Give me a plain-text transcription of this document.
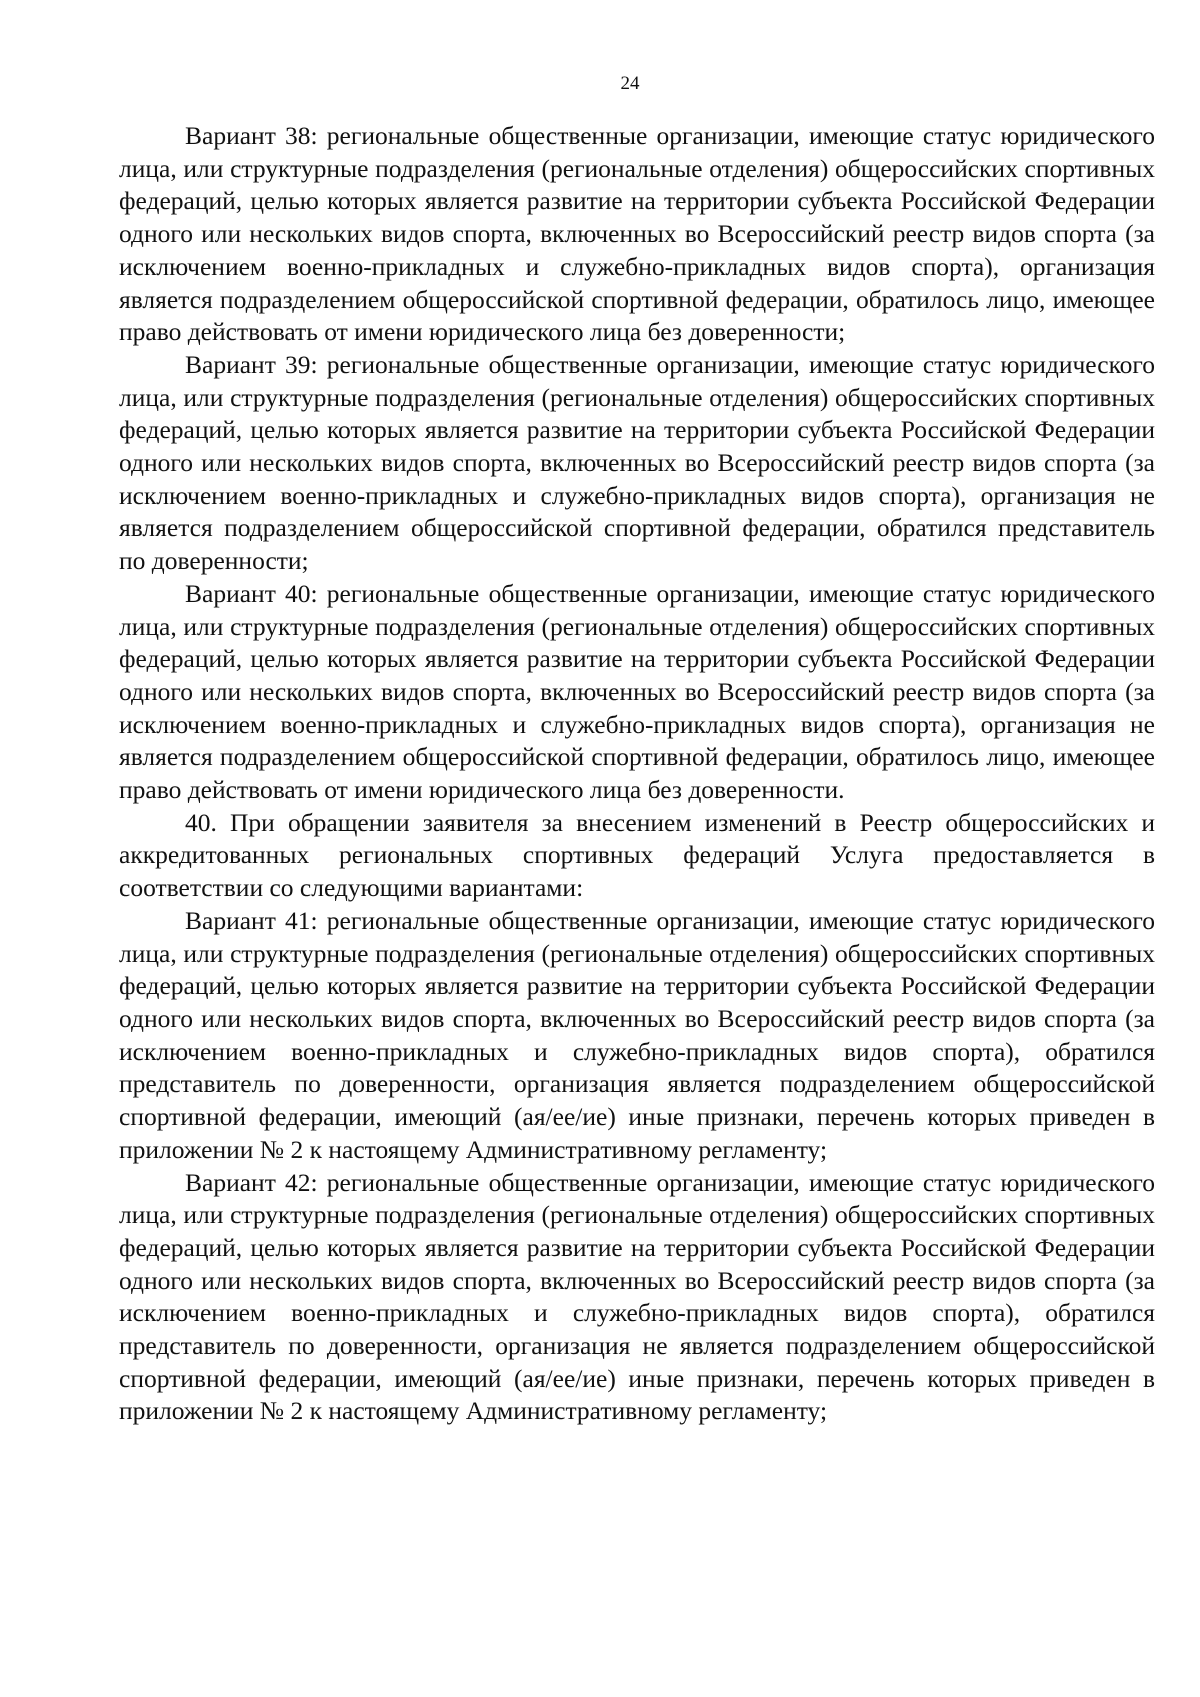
24

Вариант 38: региональные общественные организации, имеющие статус юридического лица, или структурные подразделения (региональные отделения) общероссийских спортивных федераций, целью которых является развитие на территории субъекта Российской Федерации одного или нескольких видов спорта, включенных во Всероссийский реестр видов спорта (за исключением военно-прикладных и служебно-прикладных видов спорта), организация является подразделением общероссийской спортивной федерации, обратилось лицо, имеющее право действовать от имени юридического лица без доверенности;

Вариант 39: региональные общественные организации, имеющие статус юридического лица, или структурные подразделения (региональные отделения) общероссийских спортивных федераций, целью которых является развитие на территории субъекта Российской Федерации одного или нескольких видов спорта, включенных во Всероссийский реестр видов спорта (за исключением военно-прикладных и служебно-прикладных видов спорта), организация не является подразделением общероссийской спортивной федерации, обратился представитель по доверенности;

Вариант 40: региональные общественные организации, имеющие статус юридического лица, или структурные подразделения (региональные отделения) общероссийских спортивных федераций, целью которых является развитие на территории субъекта Российской Федерации одного или нескольких видов спорта, включенных во Всероссийский реестр видов спорта (за исключением военно-прикладных и служебно-прикладных видов спорта), организация не является подразделением общероссийской спортивной федерации, обратилось лицо, имеющее право действовать от имени юридического лица без доверенности.

40. При обращении заявителя за внесением изменений в Реестр общероссийских и аккредитованных региональных спортивных федераций Услуга предоставляется в соответствии со следующими вариантами:

Вариант 41: региональные общественные организации, имеющие статус юридического лица, или структурные подразделения (региональные отделения) общероссийских спортивных федераций, целью которых является развитие на территории субъекта Российской Федерации одного или нескольких видов спорта, включенных во Всероссийский реестр видов спорта (за исключением военно-прикладных и служебно-прикладных видов спорта), обратился представитель по доверенности, организация является подразделением общероссийской спортивной федерации, имеющий (ая/ее/ие) иные признаки, перечень которых приведен в приложении № 2 к настоящему Административному регламенту;

Вариант 42: региональные общественные организации, имеющие статус юридического лица, или структурные подразделения (региональные отделения) общероссийских спортивных федераций, целью которых является развитие на территории субъекта Российской Федерации одного или нескольких видов спорта, включенных во Всероссийский реестр видов спорта (за исключением военно-прикладных и служебно-прикладных видов спорта), обратился представитель по доверенности, организация не является подразделением общероссийской спортивной федерации, имеющий (ая/ее/ие) иные признаки, перечень которых приведен в приложении № 2 к настоящему Административному регламенту;
